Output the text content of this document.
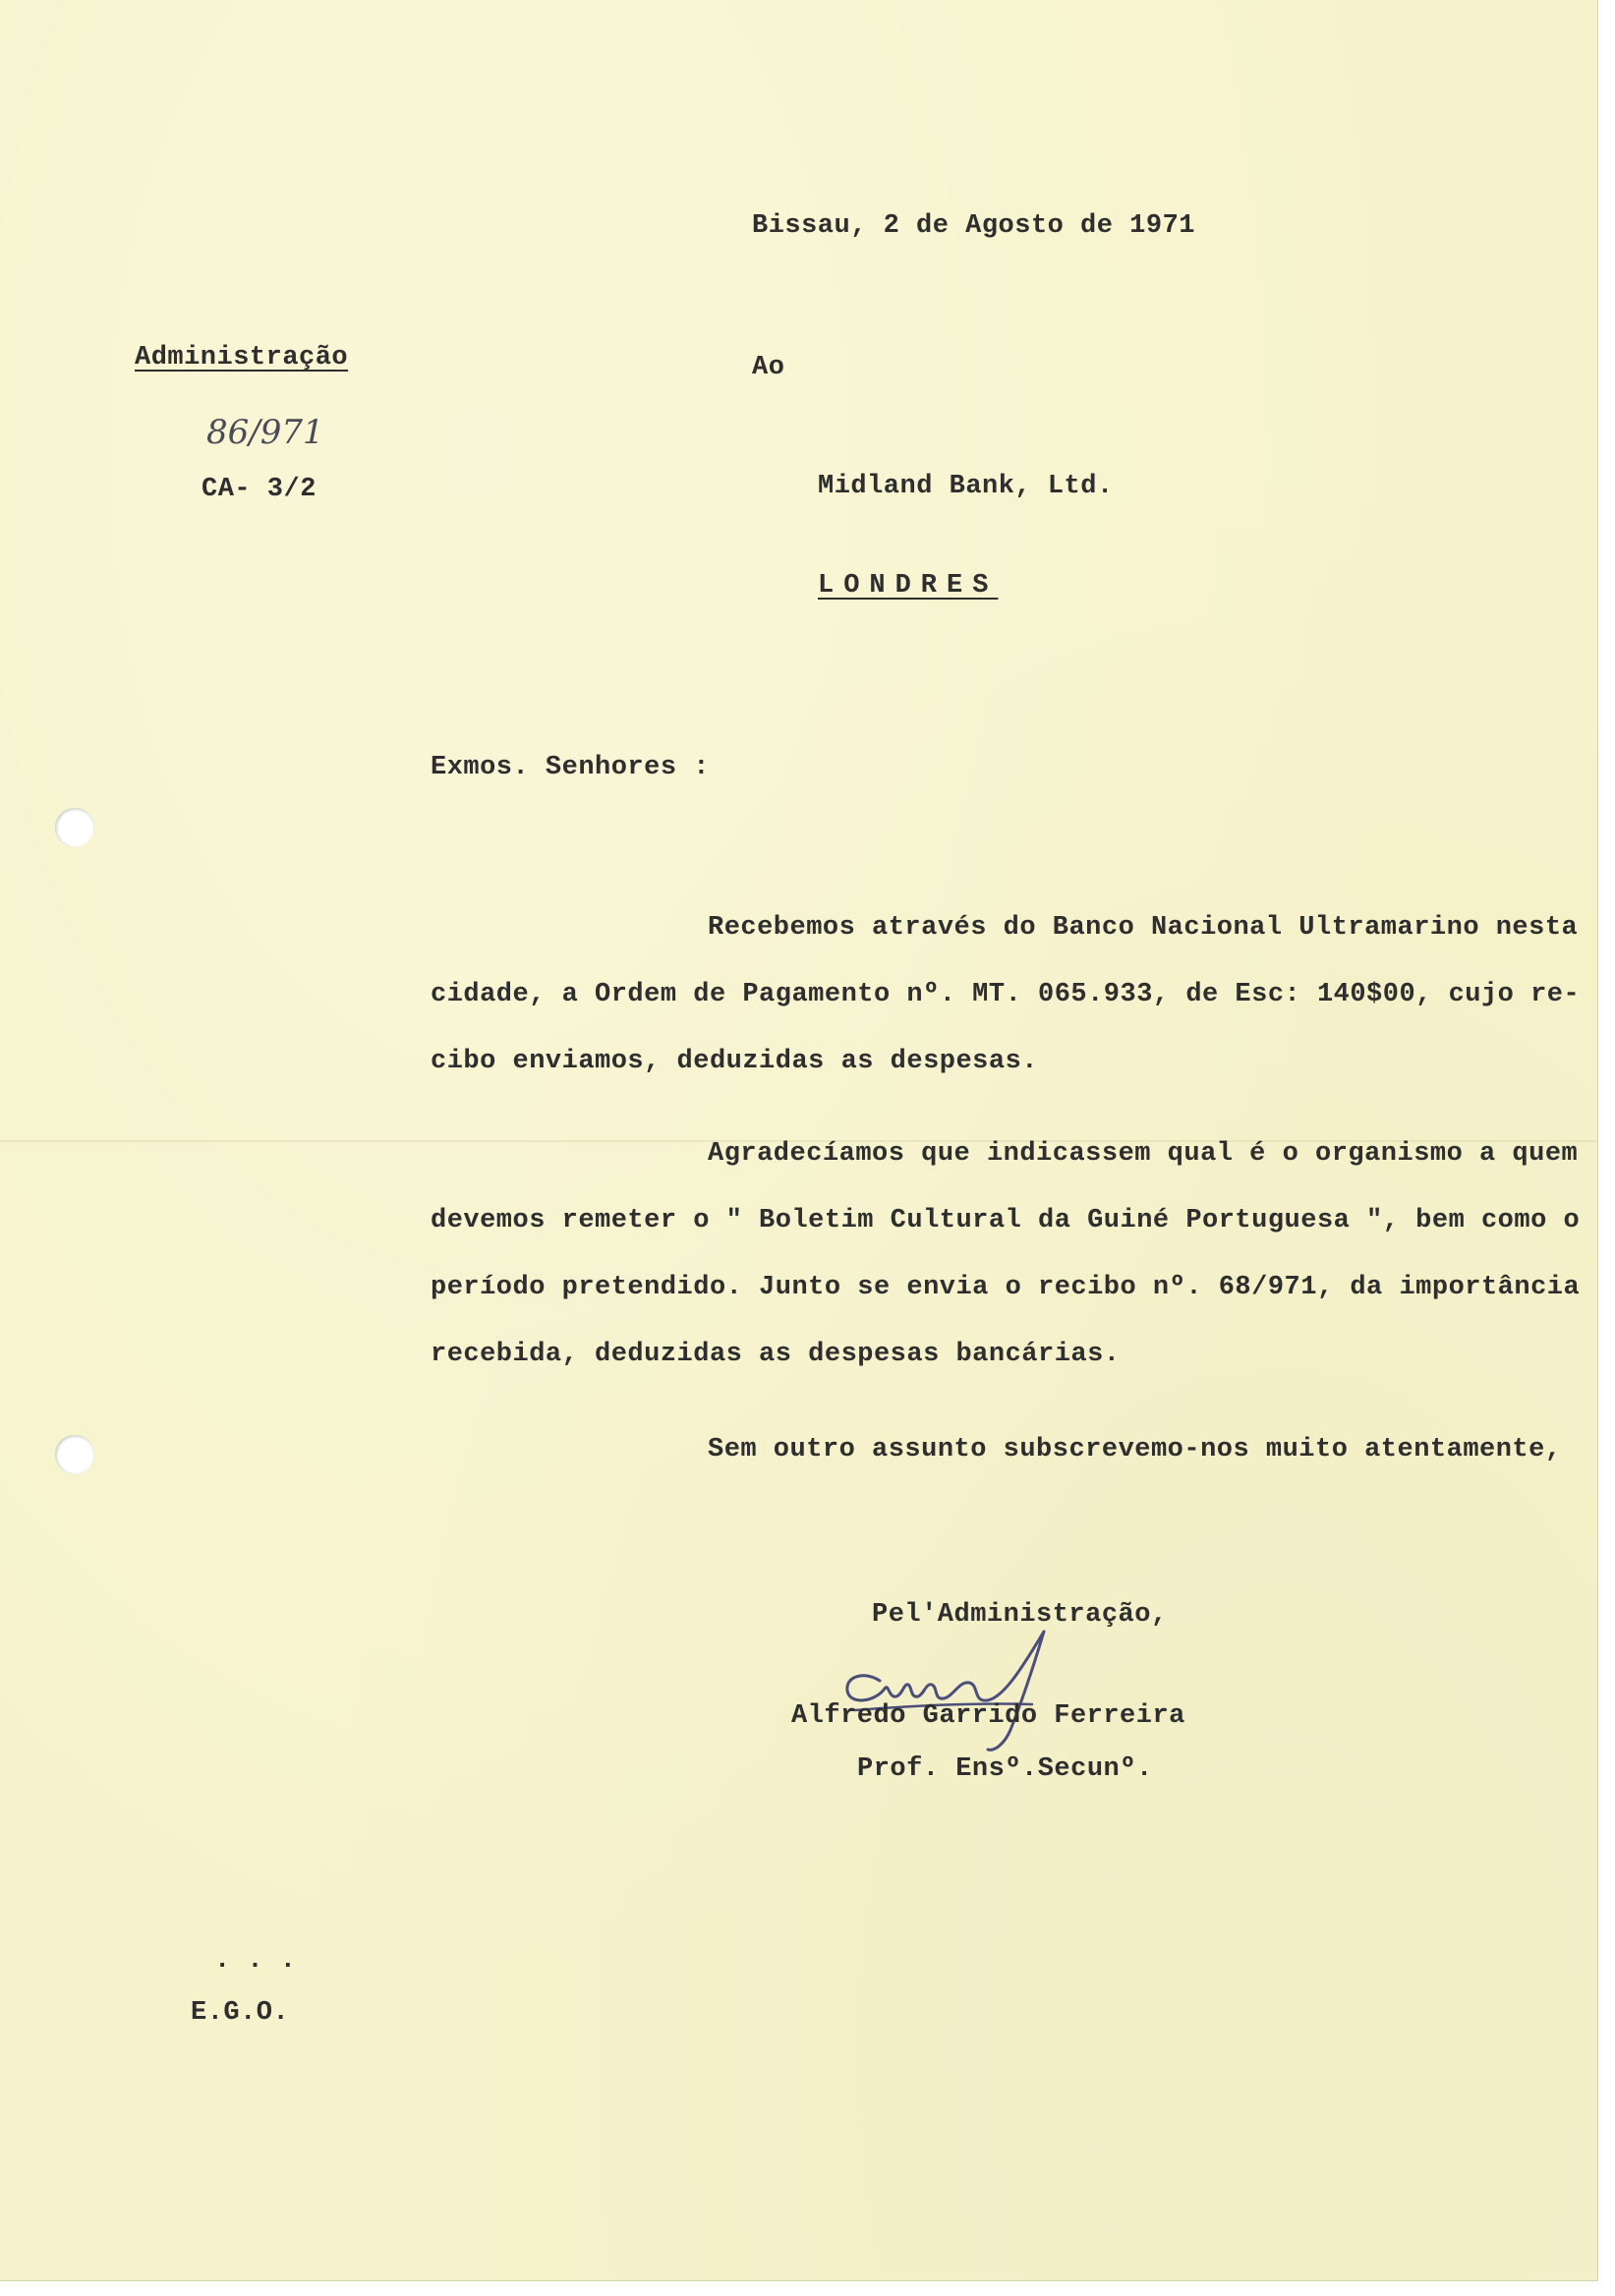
Bissau, 2 de Agosto de 1971
Administração
86/971
CA- 3/2
Ao
Midland Bank, Ltd.
LONDRES
Exmos. Senhores :
Recebemos através do Banco Nacional Ultramarino nesta
cidade, a Ordem de Pagamento nº. MT. 065.933, de Esc: 140$00, cujo re-
cibo enviamos, deduzidas as despesas.
Agradecíamos que indicassem qual é o organismo a quem
devemos remeter o " Boletim Cultural da Guiné Portuguesa ", bem como o
período pretendido. Junto se envia o recibo nº. 68/971, da importância
recebida, deduzidas as despesas bancárias.
Sem outro assunto subscrevemo-nos muito atentamente,
Pel'Administração,
Alfredo Garrido Ferreira
Prof. Ensº.Secunº.
. . .
E.G.O.
